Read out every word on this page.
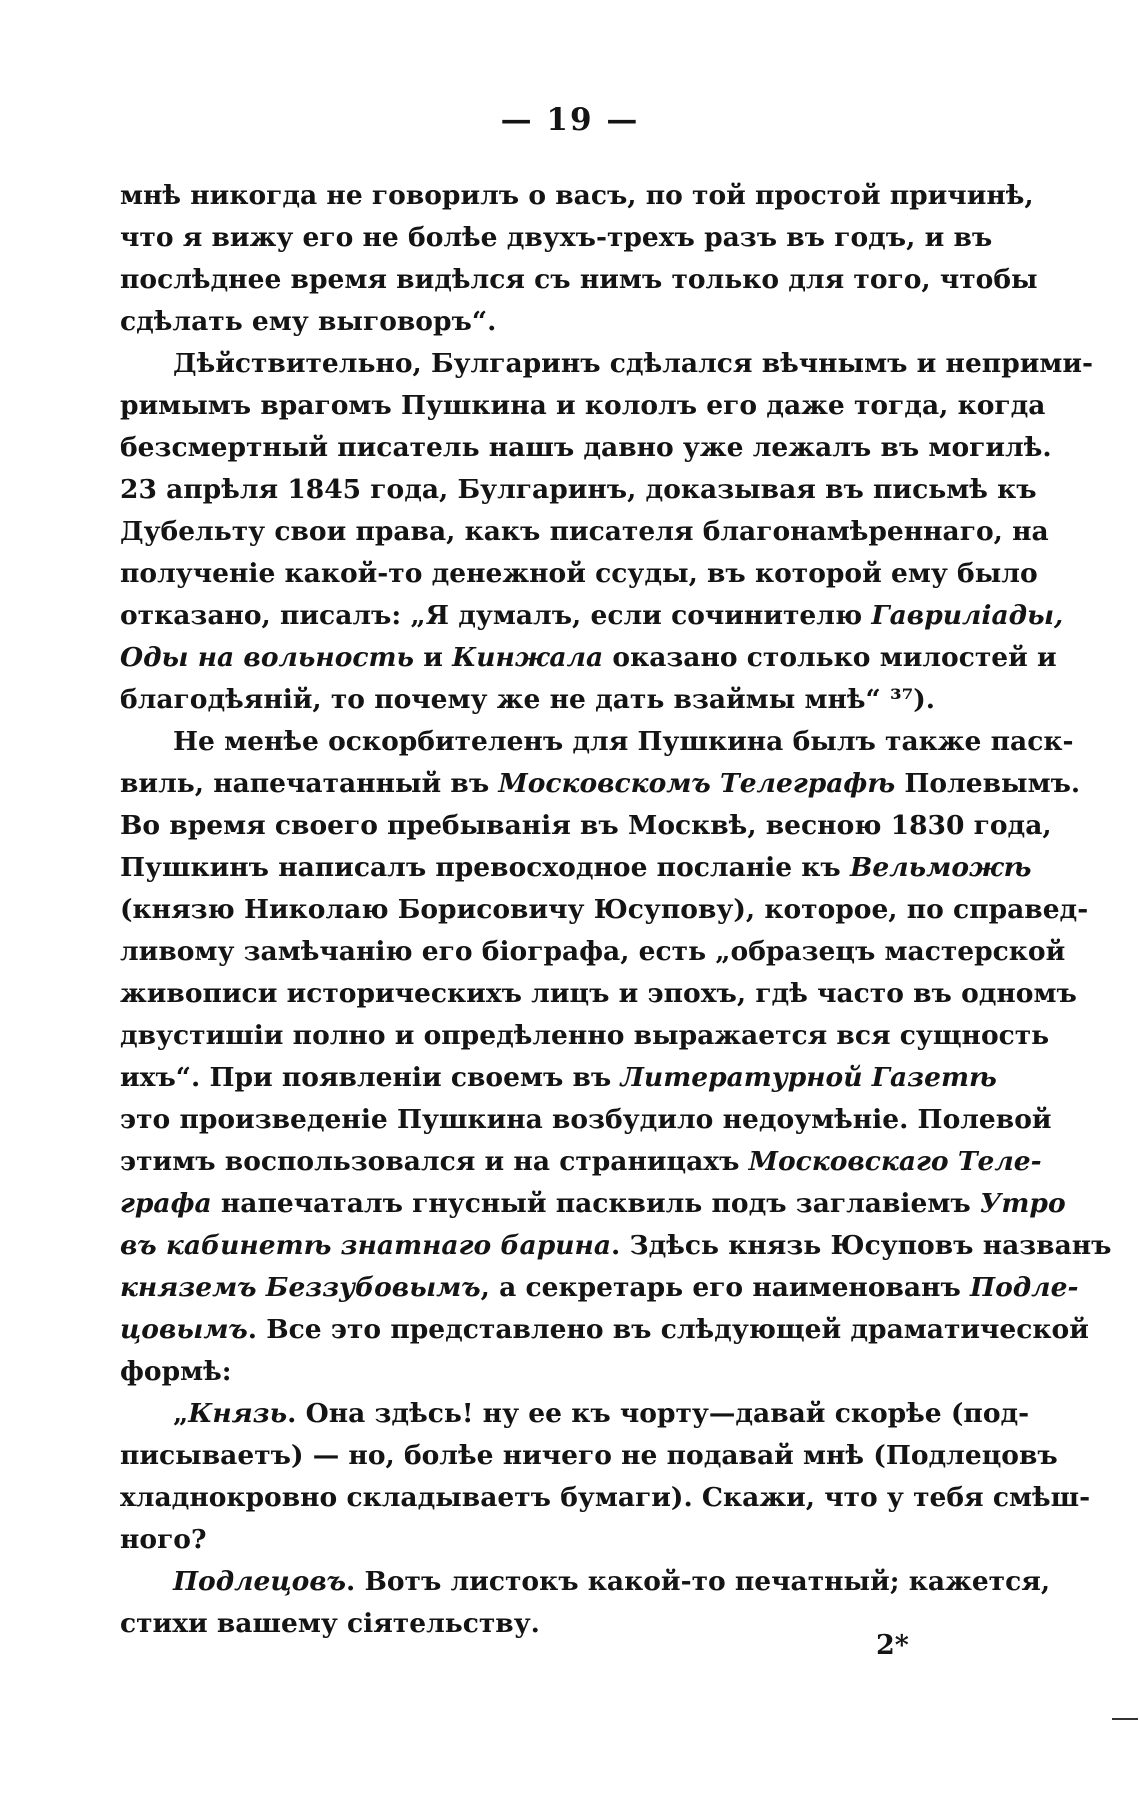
— 19 —
мнѣ никогда не говорилъ о васъ, по той простой причинѣ,
что я вижу его не болѣе двухъ-трехъ разъ въ годъ, и въ
послѣднее время видѣлся съ нимъ только для того, чтобы
сдѣлать ему выговоръ“.
Дѣйствительно, Булгаринъ сдѣлался вѣчнымъ и неприми-
римымъ врагомъ Пушкина и кололъ его даже тогда, когда
безсмертный писатель нашъ давно уже лежалъ въ могилѣ.
23 апрѣля 1845 года, Булгаринъ, доказывая въ письмѣ къ
Дубельту свои права, какъ писателя благонамѣреннаго, на
полученіе какой-то денежной ссуды, въ которой ему было
отказано, писалъ: „Я думалъ, если сочинителю Гавриліады,
Оды на вольность и Кинжала оказано столько милостей и
благодѣяній, то почему же не дать взаймы мнѣ“ ³⁷).
Не менѣе оскорбителенъ для Пушкина былъ также паск-
виль, напечатанный въ Московскомъ Телеграфѣ Полевымъ.
Во время своего пребыванія въ Москвѣ, весною 1830 года,
Пушкинъ написалъ превосходное посланіе къ Вельможѣ
(князю Николаю Борисовичу Юсупову), которое, по справед-
ливому замѣчанію его біографа, есть „образецъ мастерской
живописи историческихъ лицъ и эпохъ, гдѣ часто въ одномъ
двустишіи полно и опредѣленно выражается вся сущность
ихъ“. При появленіи своемъ въ Литературной Газетѣ
это произведеніе Пушкина возбудило недоумѣніе. Полевой
этимъ воспользовался и на страницахъ Московскаго Теле-
графа напечаталъ гнусный пасквиль подъ заглавіемъ Утро
въ кабинетѣ знатнаго барина. Здѣсь князь Юсуповъ названъ
княземъ Беззубовымъ, а секретарь его наименованъ Подле-
цовымъ. Все это представлено въ слѣдующей драматической
формѣ:
„Князь. Она здѣсь! ну ее къ чорту—давай скорѣе (под-
писываетъ) — но, болѣе ничего не подавай мнѣ (Подлецовъ
хладнокровно складываетъ бумаги). Скажи, что у тебя смѣш-
ного?
Подлецовъ. Вотъ листокъ какой-то печатный; кажется,
стихи вашему сіятельству.
2*
